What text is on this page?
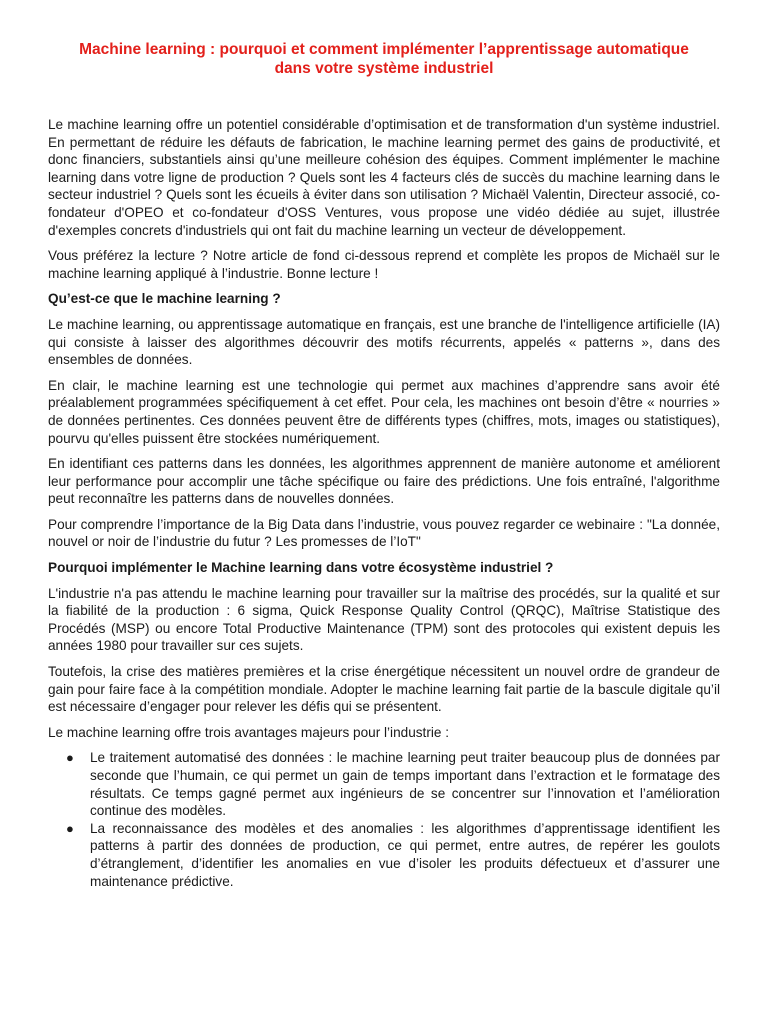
Machine learning : pourquoi et comment implémenter l’apprentissage automatique dans votre système industriel

Le machine learning offre un potentiel considérable d’optimisation et de transformation d'un système industriel. En permettant de réduire les défauts de fabrication, le machine learning permet des gains de productivité, et donc financiers, substantiels ainsi qu’une meilleure cohésion des équipes. Comment implémenter le machine learning dans votre ligne de production ? Quels sont les 4 facteurs clés de succès du machine learning dans le secteur industriel ? Quels sont les écueils à éviter dans son utilisation ? Michaël Valentin, Directeur associé, co-fondateur d'OPEO et co-fondateur d'OSS Ventures, vous propose une vidéo dédiée au sujet, illustrée d'exemples concrets d'industriels qui ont fait du machine learning un vecteur de développement.

Vous préférez la lecture ? Notre article de fond ci-dessous reprend et complète les propos de Michaël sur le machine learning appliqué à l’industrie. Bonne lecture !

Qu’est-ce que le machine learning ?

Le machine learning, ou apprentissage automatique en français, est une branche de l'intelligence artificielle (IA) qui consiste à laisser des algorithmes découvrir des motifs récurrents, appelés « patterns », dans des ensembles de données.

En clair, le machine learning est une technologie qui permet aux machines d’apprendre sans avoir été préalablement programmées spécifiquement à cet effet. Pour cela, les machines ont besoin d’être « nourries » de données pertinentes. Ces données peuvent être de différents types (chiffres, mots, images ou statistiques), pourvu qu'elles puissent être stockées numériquement.

En identifiant ces patterns dans les données, les algorithmes apprennent de manière autonome et améliorent leur performance pour accomplir une tâche spécifique ou faire des prédictions. Une fois entraîné, l'algorithme peut reconnaître les patterns dans de nouvelles données.

Pour comprendre l’importance de la Big Data dans l’industrie, vous pouvez regarder ce webinaire : "La donnée, nouvel or noir de l’industrie du futur ? Les promesses de l’IoT"

Pourquoi implémenter le Machine learning dans votre écosystème industriel ?

L'industrie n'a pas attendu le machine learning pour travailler sur la maîtrise des procédés, sur la qualité et sur la fiabilité de la production : 6 sigma, Quick Response Quality Control (QRQC), Maîtrise Statistique des Procédés (MSP) ou encore Total Productive Maintenance (TPM) sont des protocoles qui existent depuis les années 1980 pour travailler sur ces sujets.

Toutefois, la crise des matières premières et la crise énergétique nécessitent un nouvel ordre de grandeur de gain pour faire face à la compétition mondiale. Adopter le machine learning fait partie de la bascule digitale qu’il est nécessaire d’engager pour relever les défis qui se présentent.

Le machine learning offre trois avantages majeurs pour l’industrie :

● Le traitement automatisé des données : le machine learning peut traiter beaucoup plus de données par seconde que l’humain, ce qui permet un gain de temps important dans l’extraction et le formatage des résultats. Ce temps gagné permet aux ingénieurs de se concentrer sur l’innovation et l’amélioration continue des modèles.
● La reconnaissance des modèles et des anomalies : les algorithmes d’apprentissage identifient les patterns à partir des données de production, ce qui permet, entre autres, de repérer les goulots d’étranglement, d’identifier les anomalies en vue d’isoler les produits défectueux et d’assurer une maintenance prédictive.
